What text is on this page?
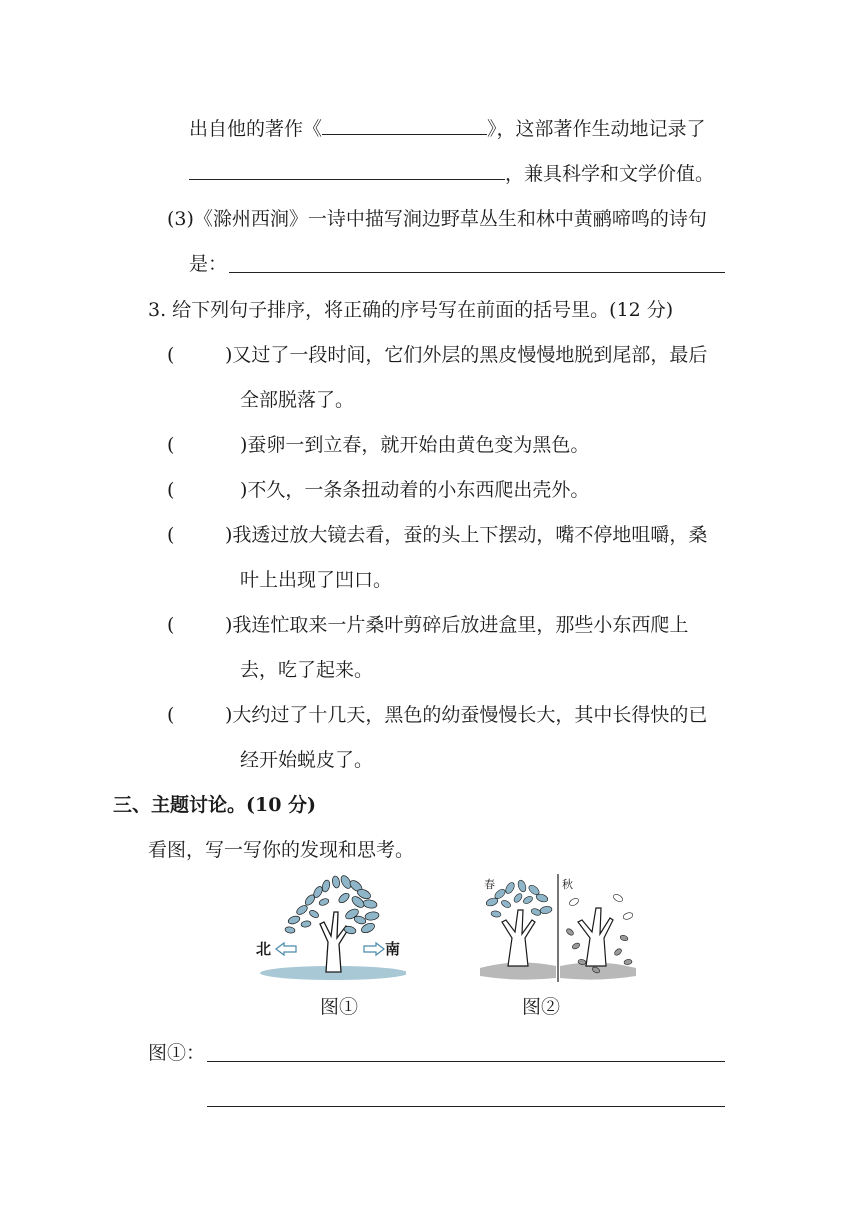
出自他的著作《	》，这部著作生动地记录了
，兼具科学和文学价值。
(3)《滁州西涧》一诗中描写涧边野草丛生和林中黄鹂啼鸣的诗句
是：
3. 给下列句子排序，将正确的序号写在前面的括号里。(12 分)
(	)又过了一段时间，它们外层的黑皮慢慢地脱到尾部，最后
全部脱落了。
(	)蚕卵一到立春，就开始由黄色变为黑色。
(	)不久，一条条扭动着的小东西爬出壳外。
(	)我透过放大镜去看，蚕的头上下摆动，嘴不停地咀嚼，桑
叶上出现了凹口。
(	)我连忙取来一片桑叶剪碎后放进盒里，那些小东西爬上
去，吃了起来。
(	)大约过了十几天，黑色的幼蚕慢慢长大，其中长得快的已
经开始蜕皮了。
三、主题讨论。(10 分)
看图，写一写你的发现和思考。
北	南
春	秋
图①	图②
图①：
